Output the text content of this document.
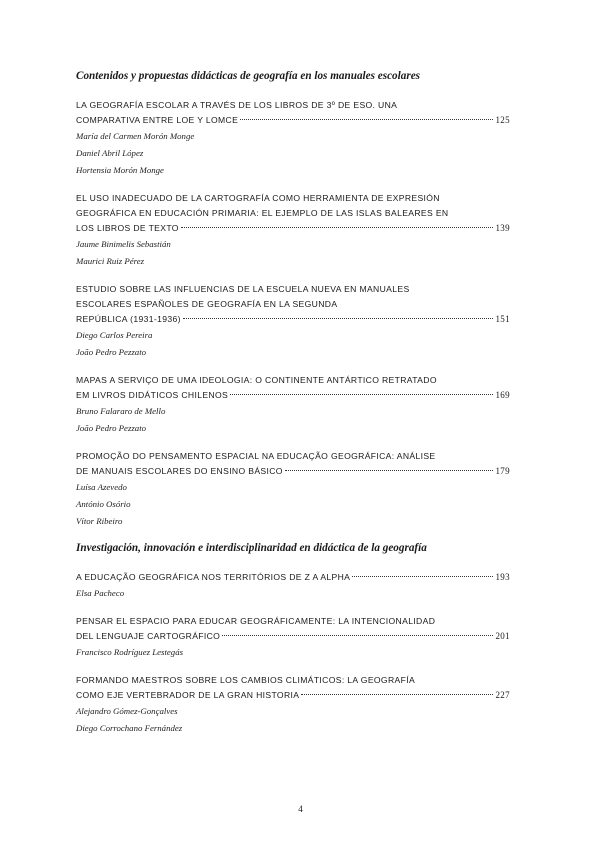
Contenidos y propuestas didácticas de geografía en los manuales escolares
LA GEOGRAFÍA ESCOLAR A TRAVÉS DE LOS LIBROS DE 3º DE ESO. UNA
COMPARATIVA ENTRE LOE Y LOMCE	125
María del Carmen Morón Monge
Daniel Abril López
Hortensia Morón Monge
EL USO INADECUADO DE LA CARTOGRAFÍA COMO HERRAMIENTA DE EXPRESIÓN
GEOGRÁFICA EN EDUCACIÓN PRIMARIA: EL EJEMPLO DE LAS ISLAS BALEARES EN
LOS LIBROS DE TEXTO	139
Jaume Binimelis Sebastián
Maurici Ruiz Pérez
ESTUDIO SOBRE LAS INFLUENCIAS DE LA ESCUELA NUEVA EN MANUALES
ESCOLARES ESPAÑOLES DE GEOGRAFÍA EN LA SEGUNDA
REPÚBLICA (1931-1936)	151
Diego Carlos Pereira
João Pedro Pezzato
MAPAS A SERVIÇO DE UMA IDEOLOGIA: O CONTINENTE ANTÁRTICO RETRATADO
EM LIVROS DIDÁTICOS CHILENOS	169
Bruno Falararo de Mello
João Pedro Pezzato
PROMOÇÃO DO PENSAMENTO ESPACIAL NA EDUCAÇÃO GEOGRÁFICA: ANÁLISE
DE MANUAIS ESCOLARES DO ENSINO BÁSICO	179
Luísa Azevedo
António Osório
Vítor Ribeiro
Investigación, innovación e interdisciplinaridad en didáctica de la geografía
A EDUCAÇÃO GEOGRÁFICA NOS TERRITÓRIOS DE Z A ALPHA	193
Elsa Pacheco
PENSAR EL ESPACIO PARA EDUCAR GEOGRÁFICAMENTE: LA INTENCIONALIDAD
DEL LENGUAJE CARTOGRÁFICO	201
Francisco Rodríguez Lestegás
FORMANDO MAESTROS SOBRE LOS CAMBIOS CLIMÁTICOS: LA GEOGRAFÍA
COMO EJE VERTEBRADOR DE LA GRAN HISTORIA	227
Alejandro Gómez-Gonçalves
Diego Corrochano Fernández
4
